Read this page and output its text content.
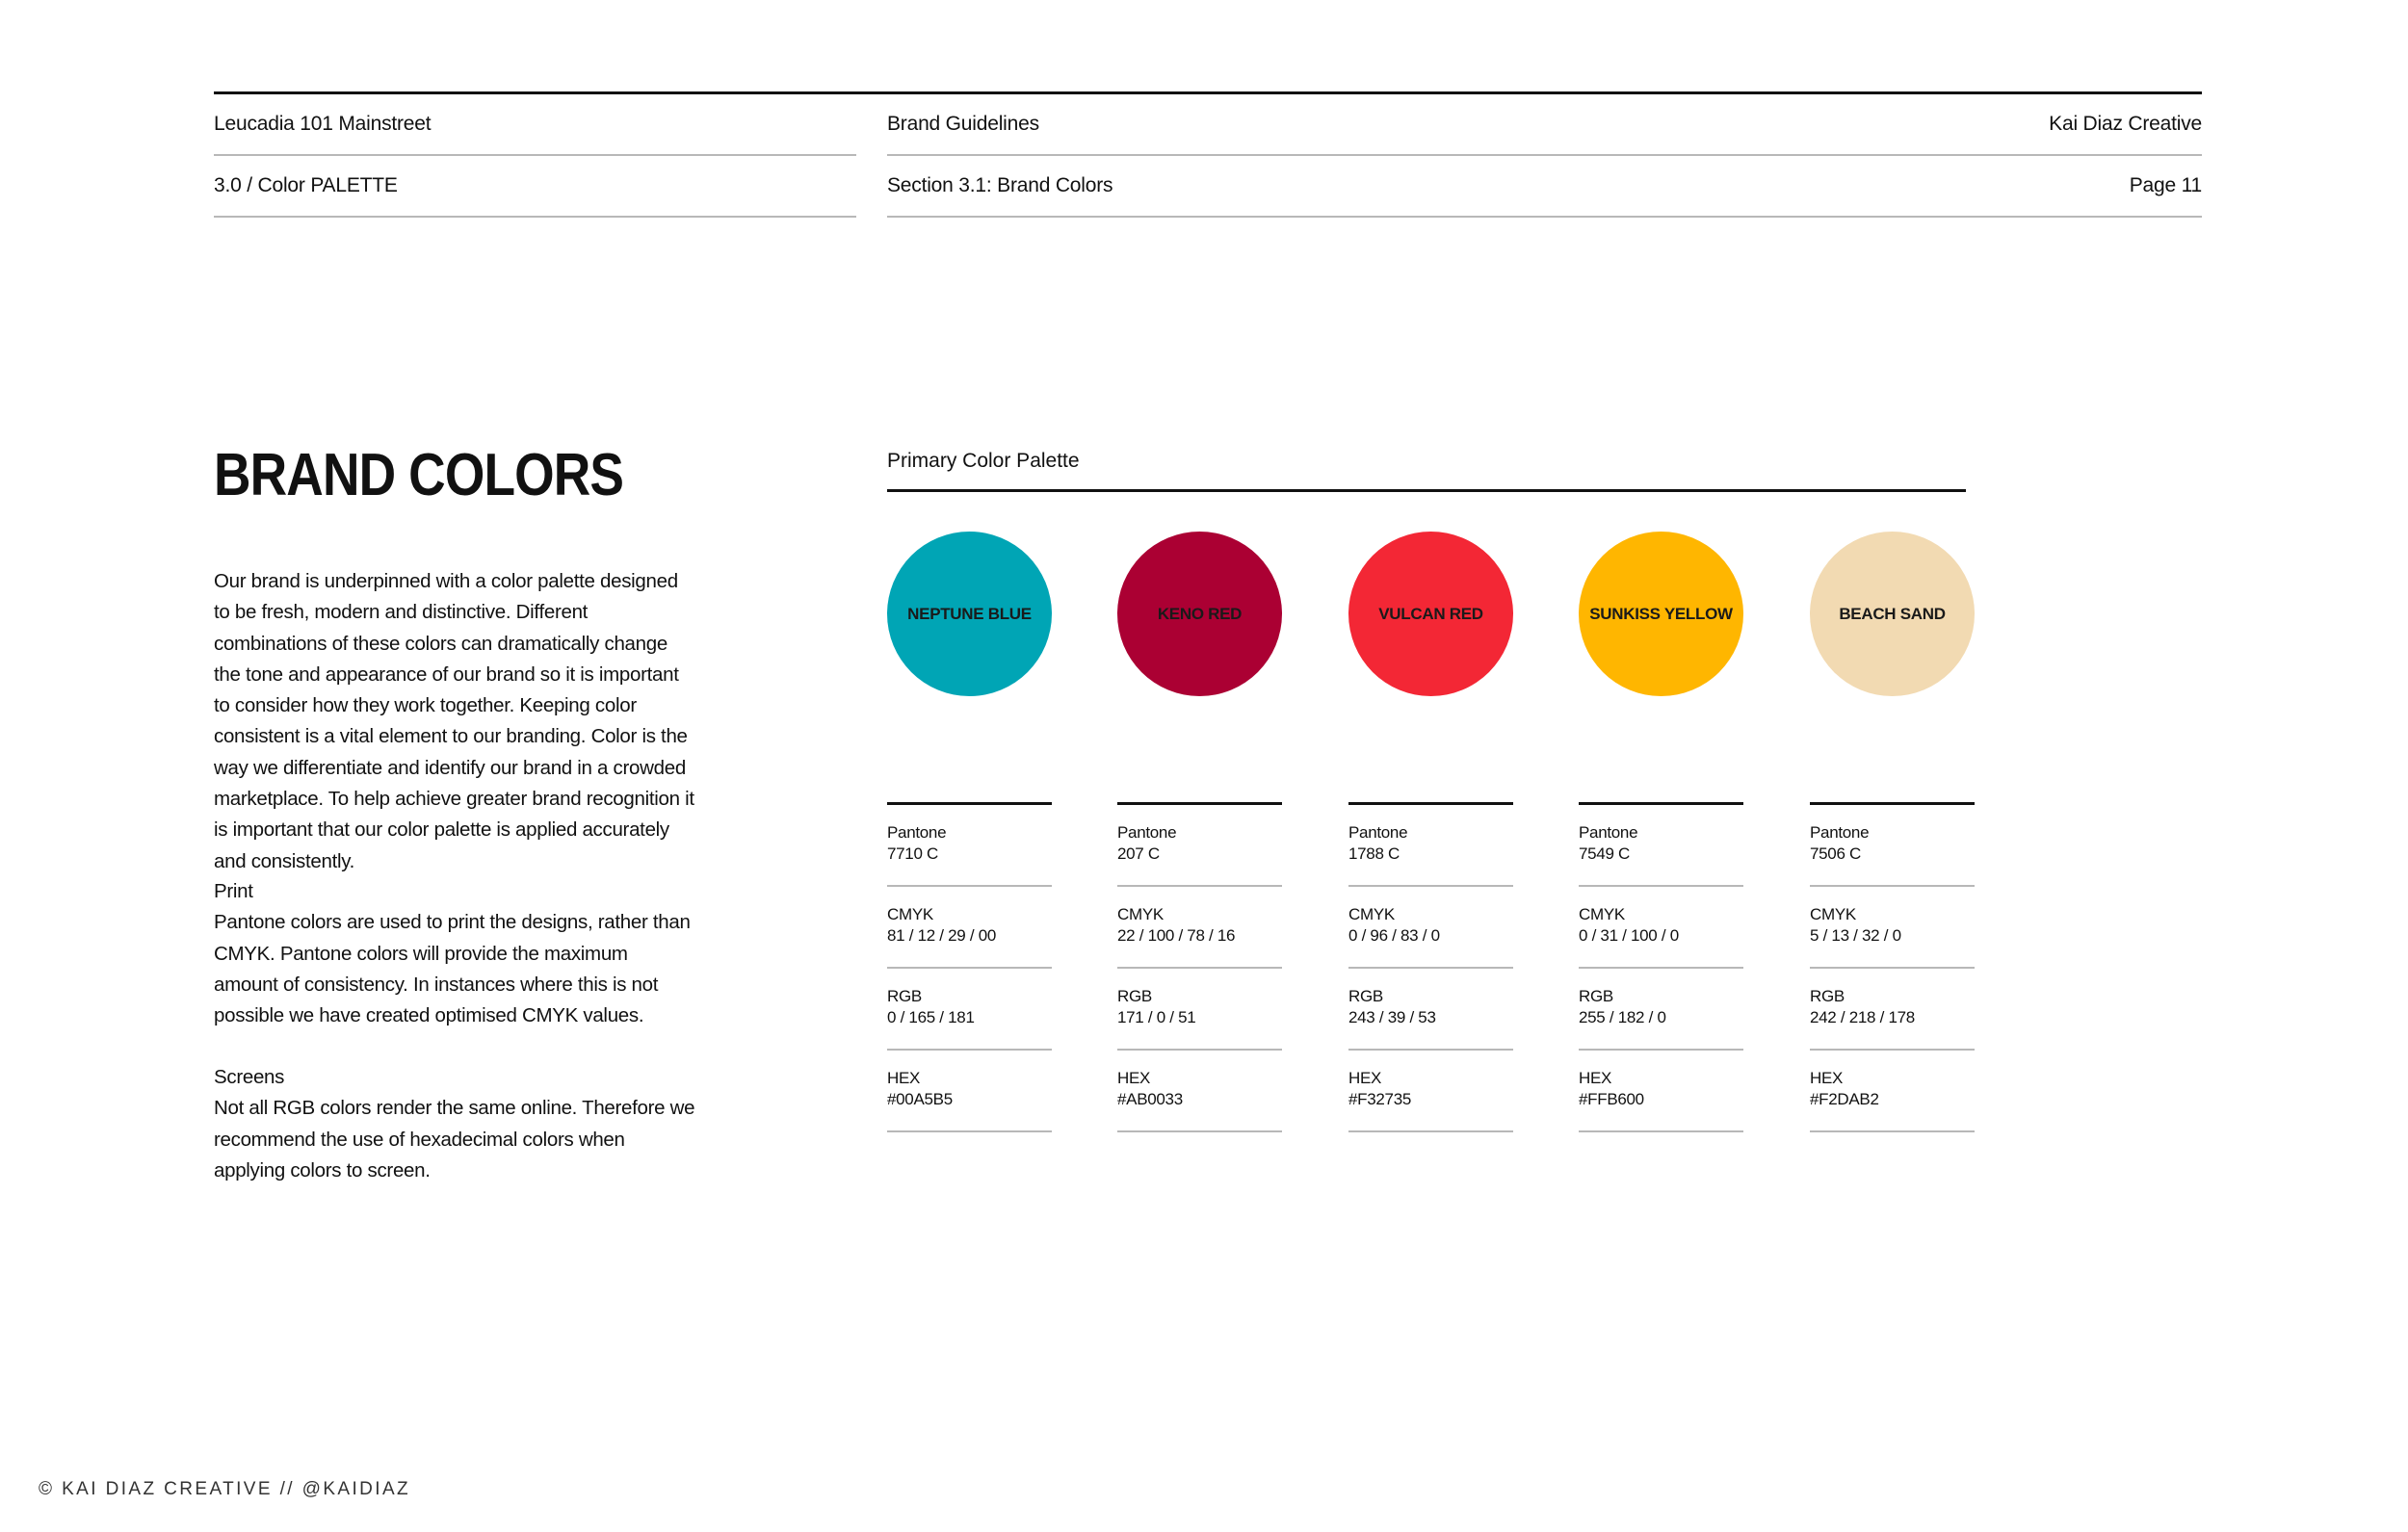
Leucadia 101 Mainstreet	Brand Guidelines	Kai Diaz Creative
3.0 / Color PALETTE	Section 3.1: Brand Colors	Page 11
BRAND COLORS

Our brand is underpinned with a color palette designed to be fresh, modern and distinctive. Different combinations of these colors can dramatically change the tone and appearance of our brand so it is important to consider how they work together. Keeping color consistent is a vital element to our branding. Color is the way we differentiate and identify our brand in a crowded marketplace. To help achieve greater brand recognition it is important that our color palette is applied accurately and consistently.

Print

Pantone colors are used to print the designs, rather than CMYK. Pantone colors will provide the maximum amount of consistency. In instances where this is not possible we have created optimised CMYK values.

Screens

Not all RGB colors render the same online. Therefore we recommend the use of hexadecimal colors when applying colors to screen.

Primary Color Palette
NEPTUNE BLUE
Pantone
7710 C
CMYK
81 / 12 / 29 / 00
RGB
0 / 165 / 181
HEX
#00A5B5
KENO RED
Pantone
207 C
CMYK
22 / 100 / 78 / 16
RGB
171 / 0 / 51
HEX
#AB0033
VULCAN RED
Pantone
1788 C
CMYK
0 / 96 / 83 / 0
RGB
243 / 39 / 53
HEX
#F32735
SUNKISS YELLOW
Pantone
7549 C
CMYK
0 / 31 / 100 / 0
RGB
255 / 182 / 0
HEX
#FFB600
BEACH SAND
Pantone
7506 C
CMYK
5 / 13 / 32 / 0
RGB
242 / 218 / 178
HEX
#F2DAB2
© KAI DIAZ CREATIVE // @KAIDIAZ
